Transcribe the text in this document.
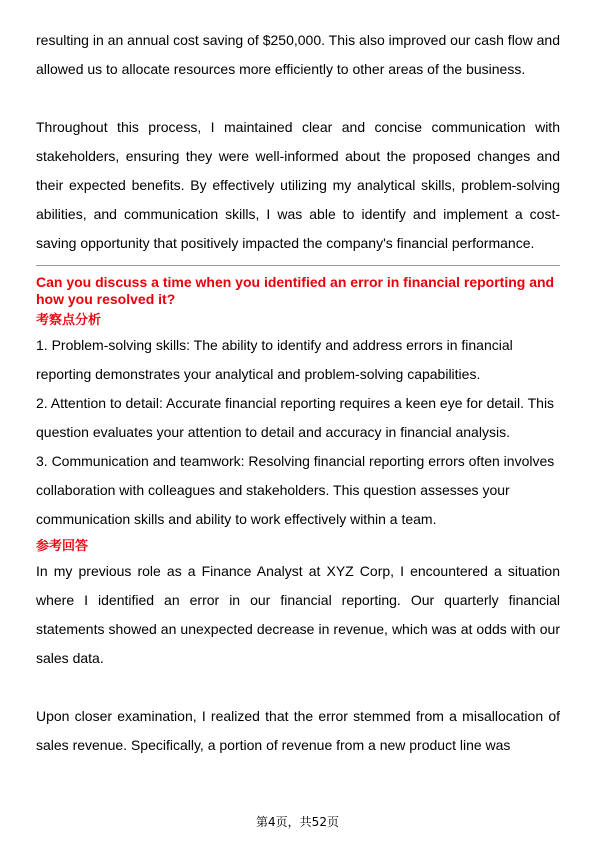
resulting in an annual cost saving of $250,000. This also improved our cash flow and allowed us to allocate resources more efficiently to other areas of the business.

Throughout this process, I maintained clear and concise communication with stakeholders, ensuring they were well-informed about the proposed changes and their expected benefits. By effectively utilizing my analytical skills, problem-solving abilities, and communication skills, I was able to identify and implement a cost-saving opportunity that positively impacted the company's financial performance.

Can you discuss a time when you identified an error in financial reporting and how you resolved it?

考察点分析

1. Problem-solving skills: The ability to identify and address errors in financial reporting demonstrates your analytical and problem-solving capabilities.

2. Attention to detail: Accurate financial reporting requires a keen eye for detail. This question evaluates your attention to detail and accuracy in financial analysis.

3. Communication and teamwork: Resolving financial reporting errors often involves collaboration with colleagues and stakeholders. This question assesses your communication skills and ability to work effectively within a team.

参考回答

In my previous role as a Finance Analyst at XYZ Corp, I encountered a situation where I identified an error in our financial reporting. Our quarterly financial statements showed an unexpected decrease in revenue, which was at odds with our sales data.

Upon closer examination, I realized that the error stemmed from a misallocation of sales revenue. Specifically, a portion of revenue from a new product line was

第4页，共52页
